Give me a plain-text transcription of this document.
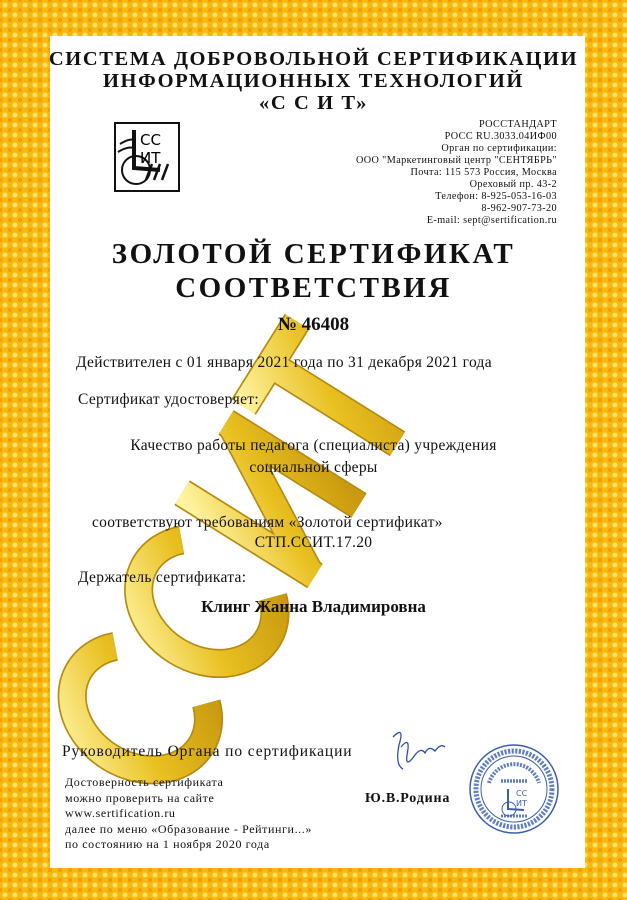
СИСТЕМА ДОБРОВОЛЬНОЙ СЕРТИФИКАЦИИ
ИНФОРМАЦИОННЫХ ТЕХНОЛОГИЙ
«С С И Т»
СС
ИТ
РОССТАНДАРТ
РОСС RU.3033.04ИФ00
Орган по сертификации:
ООО "Маркетинговый центр "СЕНТЯБРЬ"
Почта: 115 573 Россия, Москва
Ореховый пр. 43-2
Телефон: 8-925-053-16-03
8-962-907-73-20
E-mail: sept@sertification.ru
ЗОЛОТОЙ СЕРТИФИКАТ
СООТВЕТСТВИЯ
№ 46408
Действителен с 01 января 2021 года по 31 декабря 2021 года
Сертификат удостоверяет:
Качество работы педагога (специалиста) учреждения
социальной сферы
соответствуют требованиям «Золотой сертификат»
СТП.ССИТ.17.20
Держатель сертификата:
Клинг Жанна Владимировна
Руководитель Органа по сертификации
Ю.В.Родина
Достоверность сертификата
можно проверить на сайте
www.sertification.ru
далее по меню «Образование - Рейтинги...»
по состоянию на 1 ноября 2020 года
СС
ИТ
